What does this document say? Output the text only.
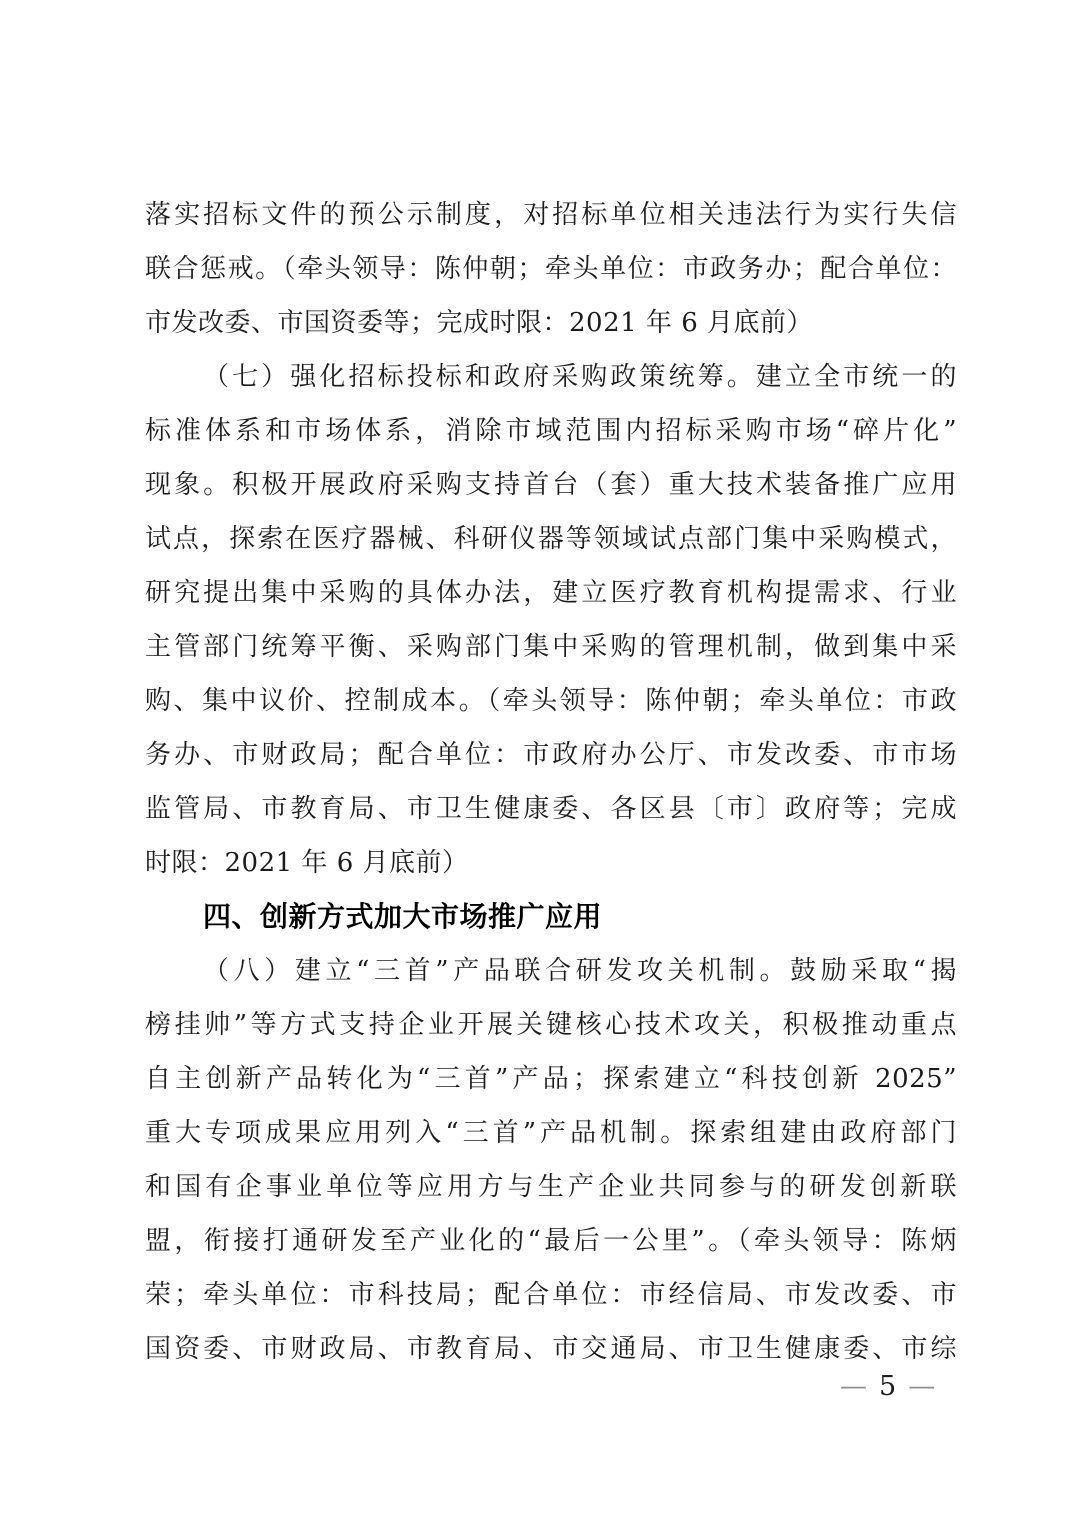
落实招标文件的预公示制度，对招标单位相关违法行为实行失信
联合惩戒。（牵头领导：陈仲朝；牵头单位：市政务办；配合单位：
市发改委、市国资委等；完成时限：2021 年 6 月底前）
（七）强化招标投标和政府采购政策统筹。建立全市统一的
标准体系和市场体系，消除市域范围内招标采购市场“碎片化”
现象。积极开展政府采购支持首台（套）重大技术装备推广应用
试点，探索在医疗器械、科研仪器等领域试点部门集中采购模式，
研究提出集中采购的具体办法，建立医疗教育机构提需求、行业
主管部门统筹平衡、采购部门集中采购的管理机制，做到集中采
购、集中议价、控制成本。（牵头领导：陈仲朝；牵头单位：市政
务办、市财政局；配合单位：市政府办公厅、市发改委、市市场
监管局、市教育局、市卫生健康委、各区县〔市〕政府等；完成
时限：2021 年 6 月底前）
四、创新方式加大市场推广应用
（八）建立“三首”产品联合研发攻关机制。鼓励采取“揭
榜挂帅”等方式支持企业开展关键核心技术攻关，积极推动重点
自主创新产品转化为“三首”产品；探索建立“科技创新 2025”
重大专项成果应用列入“三首”产品机制。探索组建由政府部门
和国有企事业单位等应用方与生产企业共同参与的研发创新联
盟，衔接打通研发至产业化的“最后一公里”。（牵头领导：陈炳
荣；牵头单位：市科技局；配合单位：市经信局、市发改委、市
国资委、市财政局、市教育局、市交通局、市卫生健康委、市综
— 5 —
